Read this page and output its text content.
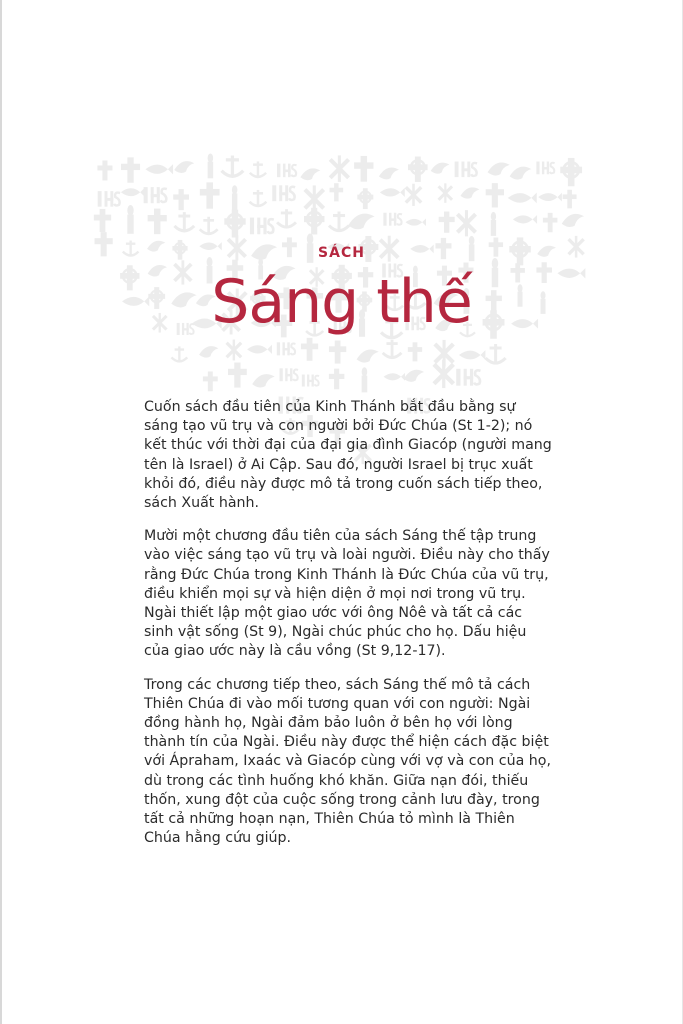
SÁCH
Sáng thế

Cuốn sách đầu tiên của Kinh Thánh bắt đầu bằng sự sáng tạo vũ trụ và con người bởi Đức Chúa (St 1-2); nó kết thúc với thời đại của đại gia đình Giacóp (người mang tên là Israel) ở Ai Cập. Sau đó, người Israel bị trục xuất khỏi đó, điều này được mô tả trong cuốn sách tiếp theo, sách Xuất hành.

Mười một chương đầu tiên của sách Sáng thế tập trung vào việc sáng tạo vũ trụ và loài người. Điều này cho thấy rằng Đức Chúa trong Kinh Thánh là Đức Chúa của vũ trụ, điều khiển mọi sự và hiện diện ở mọi nơi trong vũ trụ. Ngài thiết lập một giao ước với ông Nôê và tất cả các sinh vật sống (St 9), Ngài chúc phúc cho họ. Dấu hiệu của giao ước này là cầu vồng (St 9,12-17).

Trong các chương tiếp theo, sách Sáng thế mô tả cách Thiên Chúa đi vào mối tương quan với con người: Ngài đồng hành họ, Ngài đảm bảo luôn ở bên họ với lòng thành tín của Ngài. Điều này được thể hiện cách đặc biệt với Ápraham, Ixaác và Giacóp cùng với vợ và con của họ, dù trong các tình huống khó khăn. Giữa nạn đói, thiếu thốn, xung đột của cuộc sống trong cảnh lưu đày, trong tất cả những hoạn nạn, Thiên Chúa tỏ mình là Thiên Chúa hằng cứu giúp.
